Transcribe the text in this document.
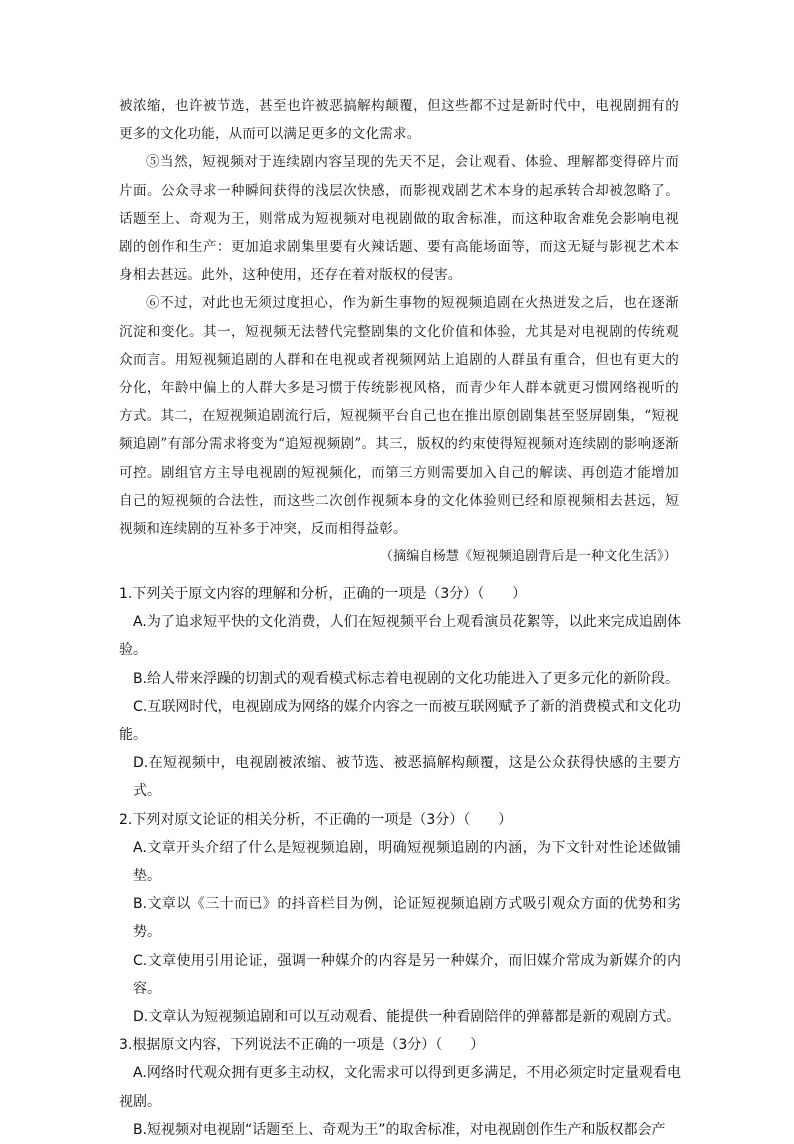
被浓缩，也许被节选，甚至也许被恶搞解构颠覆，但这些都不过是新时代中，电视剧拥有的更多的文化功能，从而可以满足更多的文化需求。

⑤当然，短视频对于连续剧内容呈现的先天不足，会让观看、体验、理解都变得碎片而片面。公众寻求一种瞬间获得的浅层次快感，而影视戏剧艺术本身的起承转合却被忽略了。话题至上、奇观为王，则常成为短视频对电视剧做的取舍标准，而这种取舍难免会影响电视剧的创作和生产：更加追求剧集里要有火辣话题、要有高能场面等，而这无疑与影视艺术本身相去甚远。此外，这种使用，还存在着对版权的侵害。

⑥不过，对此也无须过度担心，作为新生事物的短视频追剧在火热迸发之后，也在逐渐沉淀和变化。其一，短视频无法替代完整剧集的文化价值和体验，尤其是对电视剧的传统观众而言。用短视频追剧的人群和在电视或者视频网站上追剧的人群虽有重合，但也有更大的分化，年龄中偏上的人群大多是习惯于传统影视风格，而青少年人群本就更习惯网络视听的方式。其二，在短视频追剧流行后，短视频平台自己也在推出原创剧集甚至竖屏剧集，“短视频追剧”有部分需求将变为“追短视频剧”。其三，版权的约束使得短视频对连续剧的影响逐渐可控。剧组官方主导电视剧的短视频化，而第三方则需要加入自己的解读、再创造才能增加自己的短视频的合法性，而这些二次创作视频本身的文化体验则已经和原视频相去甚远，短视频和连续剧的互补多于冲突，反而相得益彰。

（摘编自杨慧《短视频追剧背后是一种文化生活》）

1.下列关于原文内容的理解和分析，正确的一项是（3分）（　　）

A.为了追求短平快的文化消费，人们在短视频平台上观看演员花絮等，以此来完成追剧体验。

B.给人带来浮躁的切割式的观看模式标志着电视剧的文化功能进入了更多元化的新阶段。

C.互联网时代，电视剧成为网络的媒介内容之一而被互联网赋予了新的消费模式和文化功能。

D.在短视频中，电视剧被浓缩、被节选、被恶搞解构颠覆，这是公众获得快感的主要方式。

2.下列对原文论证的相关分析，不正确的一项是（3分）（　　）

A.文章开头介绍了什么是短视频追剧，明确短视频追剧的内涵，为下文针对性论述做铺垫。

B.文章以《三十而已》的抖音栏目为例，论证短视频追剧方式吸引观众方面的优势和劣势。

C.文章使用引用论证，强调一种媒介的内容是另一种媒介，而旧媒介常成为新媒介的内容。

D.文章认为短视频追剧和可以互动观看、能提供一种看剧陪伴的弹幕都是新的观剧方式。

3.根据原文内容，下列说法不正确的一项是（3分）（　　）

A.网络时代观众拥有更多主动权，文化需求可以得到更多满足，不用必须定时定量观看电视剧。

B.短视频对电视剧“话题至上、奇观为王”的取舍标准，对电视剧创作生产和版权都会产
